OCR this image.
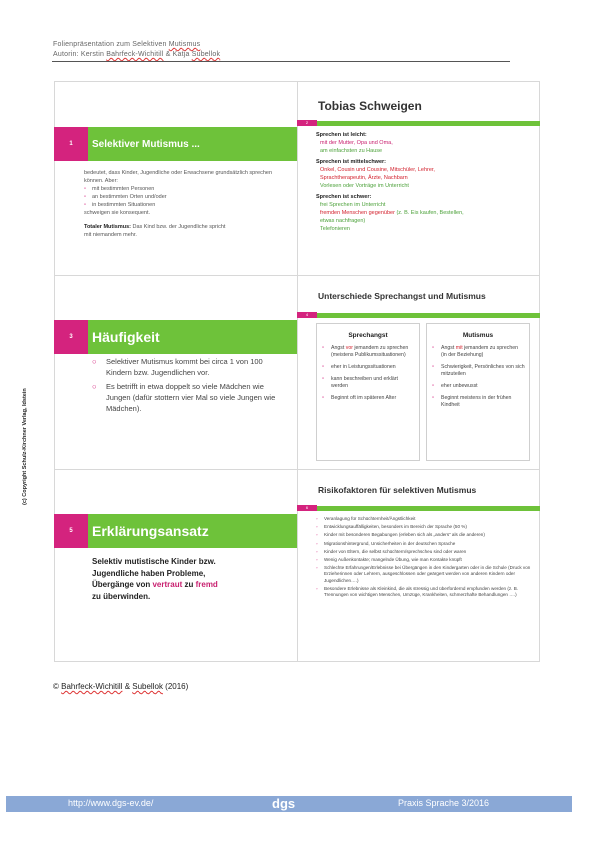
Folienpräsentation zum Selektiven Mutismus
Autorin: Kerstin Bahrfeck-Wichitill & Katja Subellok
1	Selektiver Mutismus ...
bedeutet, dass Kinder, Jugendliche oder Erwachsene grundsätzlich sprechen können. Aber:
▫ mit bestimmten Personen
▫ an bestimmten Orten und/oder
▫ in bestimmten Situationen
schweigen sie konsequent.
Totaler Mutismus: Das Kind bzw. der Jugendliche spricht mit niemandem mehr.
Tobias Schweigen
2
Sprechen ist leicht:
mit der Mutter, Opa und Oma,
am einfachsten zu Hause
Sprechen ist mittelschwer:
Onkel, Cousin und Cousine, Mitschüler, Lehrer,
Sprachtherapeutin, Ärzte, Nachbarn
Vorlesen oder Vorträge im Unterricht
Sprechen ist schwer:
frei Sprechen im Unterricht
fremden Menschen gegenüber (z. B. Eis kaufen, Bestellen,
etwas nachfragen)
Telefonieren
3	Häufigkeit
○ Selektiver Mutismus kommt bei circa 1 von 100 Kindern bzw. Jugendlichen vor.
○ Es betrifft in etwa doppelt so viele Mädchen wie Jungen (dafür stottern vier Mal so viele Jungen wie Mädchen).
Unterschiede Sprechangst und Mutismus
4
Sprechangst
▫ Angst vor jemandem zu sprechen (meistens Publikumssituationen)
▫ eher in Leistungssituationen
▫ kann beschreiben und erklärt werden
▫ Beginnt oft im späteren Alter
Mutismus
▫ Angst mit jemandem zu sprechen (in der Beziehung)
▫ Schwierigkeit, Persönliches von sich mitzuteilen
▫ eher unbewusst
▫ Beginnt meistens in der frühen Kindheit
5	Erklärungsansatz
Selektiv mutistische Kinder bzw.
Jugendliche haben Probleme,
Übergänge von vertraut zu fremd
zu überwinden.
Risikofaktoren für selektiven Mutismus
6
▫ Veranlagung für Schüchternheit/Ängstlichkeit
▫ Entwicklungsauffälligkeiten, besonders im Bereich der Sprache (50 %)
▫ Kinder mit besonderen Begabungen (erleben sich als „anders“ als die anderen)
▫ Migrationshintergrund, Unsicherheiten in der deutschen Sprache
▫ Kinder von Eltern, die selbst schüchtern/sprechscheu sind oder waren
▫ Wenig Außenkontakte; mangelnde Übung, wie man Kontakte knüpft
▫ Schlechte Erfahrungen/Erlebnisse bei Übergängen in den Kindergarten oder in die Schule (Druck von Erzieherinnen oder Lehrern, ausgeschlossen oder geärgert werden von anderen Kindern oder Jugendlichen….)
▫ Besondere Erlebnisse als Kleinkind, die als stressig und überfordernd empfunden werden (z. B. Trennungen von wichtigen Menschen, Umzüge, Krankheiten, schmerzhafte Behandlungen ….)
(c) Copyright Schulz-Kirchner Verlag, Idstein
© Bahrfeck-Wichitill & Subellok (2016)
http://www.dgs-ev.de/	dgs	Praxis Sprache 3/2016
